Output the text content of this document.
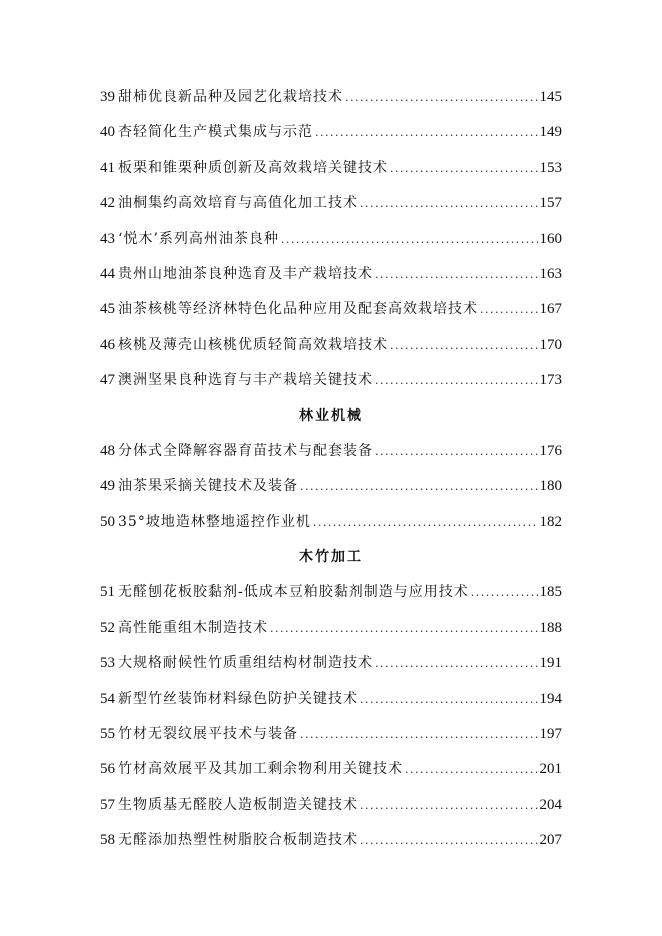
39 甜柿优良新品种及园艺化栽培技术 .....	145
40 杏轻简化生产模式集成与示范 .....	149
41 板栗和锥栗种质创新及高效栽培关键技术 .....	153
42 油桐集约高效培育与高值化加工技术 .....	157
43 ‘悦木’系列高州油茶良种 .....	160
44 贵州山地油茶良种选育及丰产栽培技术 .....	163
45 油茶核桃等经济林特色化品种应用及配套高效栽培技术 .....	167
46 核桃及薄壳山核桃优质轻简高效栽培技术 .....	170
47 澳洲坚果良种选育与丰产栽培关键技术 .....	173
林业机械
48 分体式全降解容器育苗技术与配套装备 .....	176
49 油茶果采摘关键技术及装备 .....	180
50 35°坡地造林整地遥控作业机 .....	182
木竹加工
51 无醛刨花板胶黏剂-低成本豆粕胶黏剂制造与应用技术 .....	185
52 高性能重组木制造技术 .....	188
53 大规格耐候性竹质重组结构材制造技术 .....	191
54 新型竹丝装饰材料绿色防护关键技术 .....	194
55 竹材无裂纹展平技术与装备 .....	197
56 竹材高效展平及其加工剩余物利用关键技术 .....	201
57 生物质基无醛胶人造板制造关键技术 .....	204
58 无醛添加热塑性树脂胶合板制造技术 .....	207
